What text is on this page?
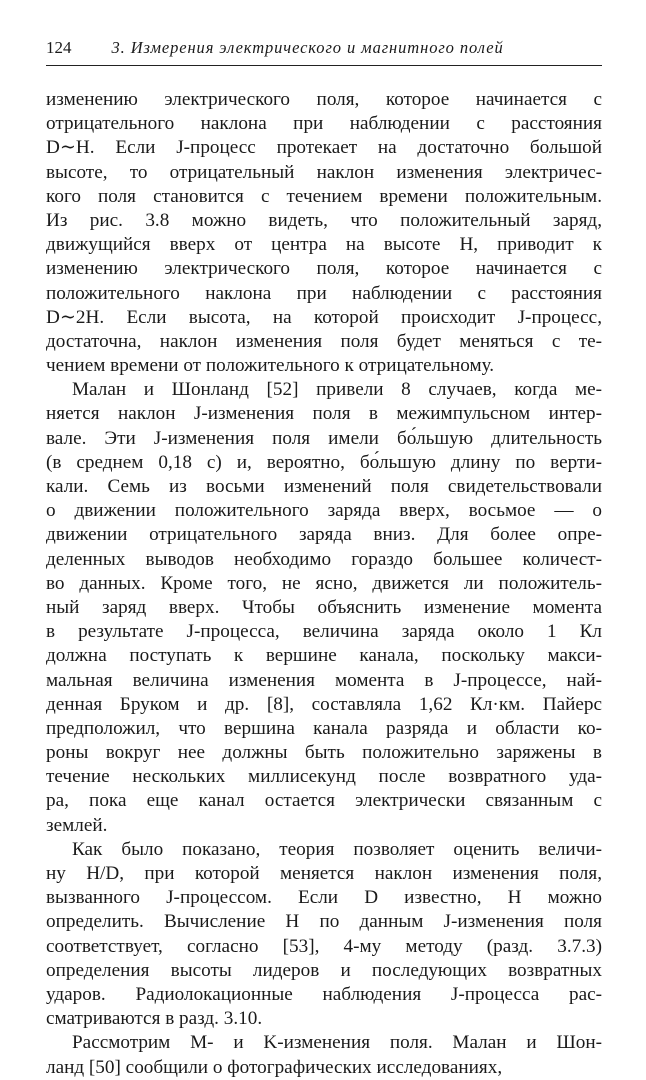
124 3. Измерения электрического и магнитного полей
изменению электрического поля, которое начинается с
отрицательного наклона при наблюдении с расстояния
D∼H. Если J-процесс протекает на достаточно большой
высоте, то отрицательный наклон изменения электричес-
кого поля становится с течением времени положительным.
Из рис. 3.8 можно видеть, что положительный заряд,
движущийся вверх от центра на высоте H, приводит к
изменению электрического поля, которое начинается с
положительного наклона при наблюдении с расстояния
D∼2H. Если высота, на которой происходит J-процесс,
достаточна, наклон изменения поля будет меняться с те-
чением времени от положительного к отрицательному.
Малан и Шонланд [52] привели 8 случаев, когда ме-
няется наклон J-изменения поля в межимпульсном интер-
вале. Эти J-изменения поля имели бо́льшую длительность
(в среднем 0,18 с) и, вероятно, бо́льшую длину по верти-
кали. Семь из восьми изменений поля свидетельствовали
о движении положительного заряда вверх, восьмое — о
движении отрицательного заряда вниз. Для более опре-
деленных выводов необходимо гораздо большее количест-
во данных. Кроме того, не ясно, движется ли положитель-
ный заряд вверх. Чтобы объяснить изменение момента
в результате J-процесса, величина заряда около 1 Кл
должна поступать к вершине канала, поскольку макси-
мальная величина изменения момента в J-процессе, най-
денная Бруком и др. [8], составляла 1,62 Кл·км. Пайерс
предположил, что вершина канала разряда и области ко-
роны вокруг нее должны быть положительно заряжены в
течение нескольких миллисекунд после возвратного уда-
ра, пока еще канал остается электрически связанным с
землей.
Как было показано, теория позволяет оценить величи-
ну H/D, при которой меняется наклон изменения поля,
вызванного J-процессом. Если D известно, H можно
определить. Вычисление H по данным J-изменения поля
соответствует, согласно [53], 4-му методу (разд. 3.7.3)
определения высоты лидеров и последующих возвратных
ударов. Радиолокационные наблюдения J-процесса рас-
сматриваются в разд. 3.10.
Рассмотрим M- и K-изменения поля. Малан и Шон-
ланд [50] сообщили о фотографических исследованиях,
